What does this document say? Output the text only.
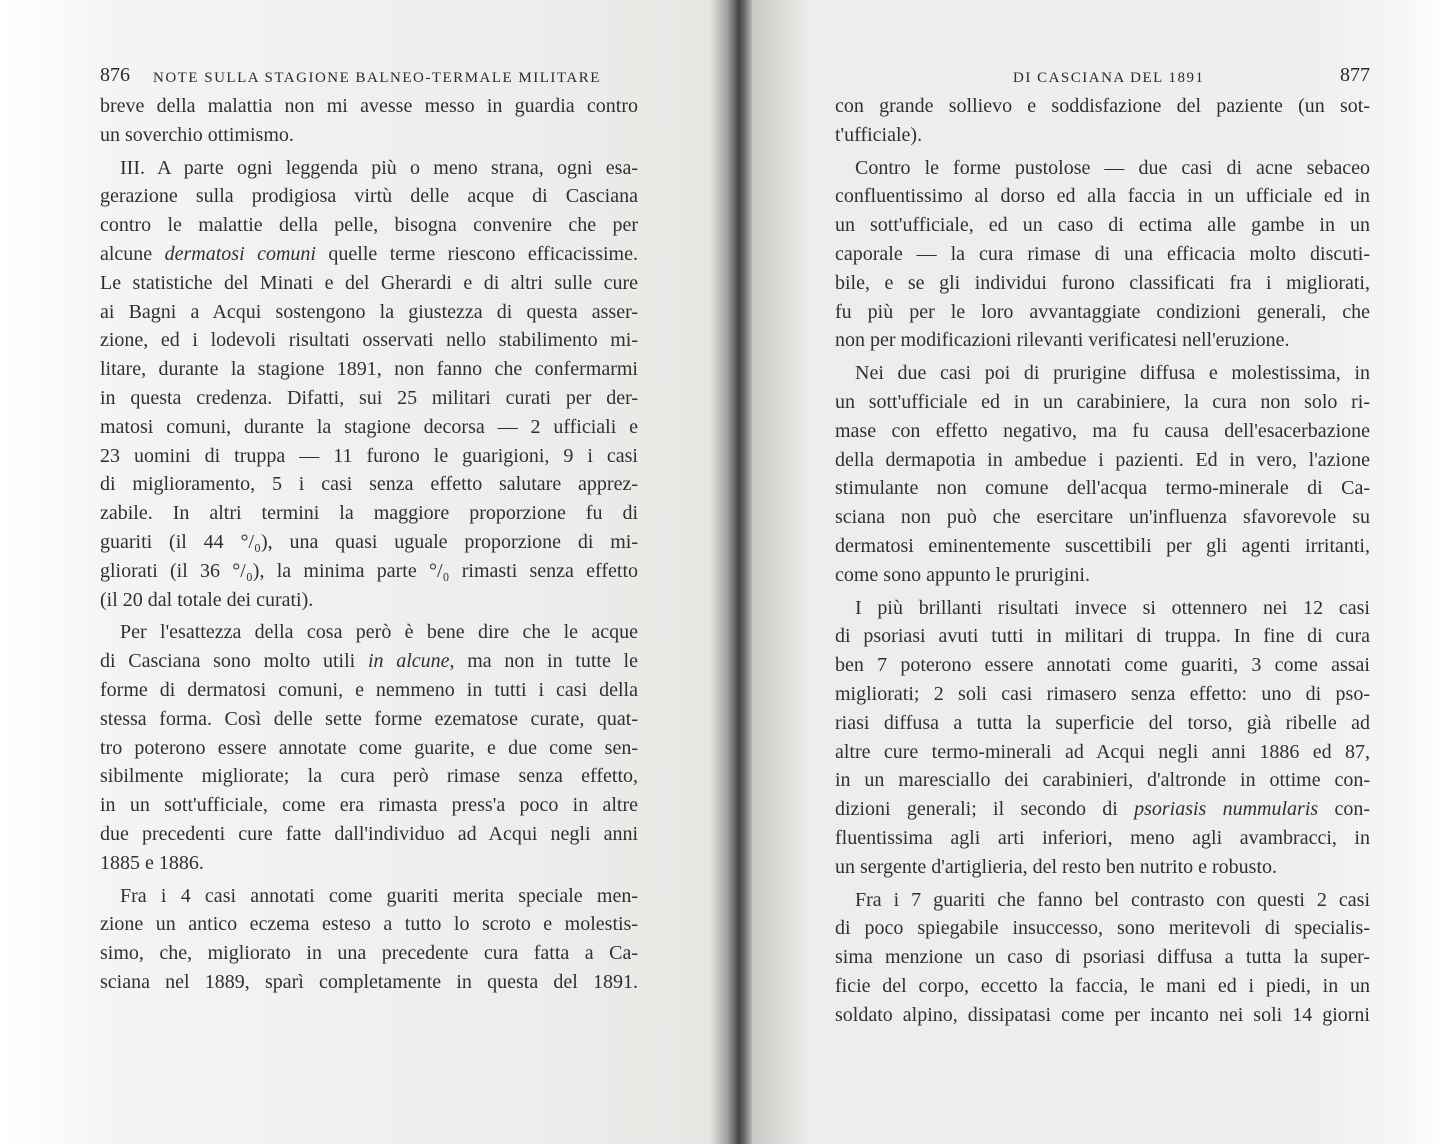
876 NOTE SULLA STAGIONE BALNEO-TERMALE MILITARE
breve della malattia non mi avesse messo in guardia contro
un soverchio ottimismo.
III. A parte ogni leggenda più o meno strana, ogni esa-
gerazione sulla prodigiosa virtù delle acque di Casciana
contro le malattie della pelle, bisogna convenire che per
alcune dermatosi comuni quelle terme riescono efficacissime.
Le statistiche del Minati e del Gherardi e di altri sulle cure
ai Bagni a Acqui sostengono la giustezza di questa asser-
zione, ed i lodevoli risultati osservati nello stabilimento mi-
litare, durante la stagione 1891, non fanno che confermarmi
in questa credenza. Difatti, sui 25 militari curati per der-
matosi comuni, durante la stagione decorsa — 2 ufficiali e
23 uomini di truppa — 11 furono le guarigioni, 9 i casi
di miglioramento, 5 i casi senza effetto salutare apprez-
zabile. In altri termini la maggiore proporzione fu di
guariti (il 44 °/₀), una quasi uguale proporzione di mi-
gliorati (il 36 °/₀), la minima parte °/₀ rimasti senza effetto
(il 20 dal totale dei curati).
Per l'esattezza della cosa però è bene dire che le acque
di Casciana sono molto utili in alcune, ma non in tutte le
forme di dermatosi comuni, e nemmeno in tutti i casi della
stessa forma. Così delle sette forme ezematose curate, quat-
tro poterono essere annotate come guarite, e due come sen-
sibilmente migliorate; la cura però rimase senza effetto,
in un sott'ufficiale, come era rimasta press'a poco in altre
due precedenti cure fatte dall'individuo ad Acqui negli anni
1885 e 1886.
Fra i 4 casi annotati come guariti merita speciale men-
zione un antico eczema esteso a tutto lo scroto e molestis-
simo, che, migliorato in una precedente cura fatta a Ca-
sciana nel 1889, sparì completamente in questa del 1891.
DI CASCIANA DEL 1891	877
con grande sollievo e soddisfazione del paziente (un sot-
t'ufficiale).
Contro le forme pustolose — due casi di acne sebaceo
confluentissimo al dorso ed alla faccia in un ufficiale ed in
un sott'ufficiale, ed un caso di ectima alle gambe in un
caporale — la cura rimase di una efficacia molto discuti-
bile, e se gli individui furono classificati fra i migliorati,
fu più per le loro avvantaggiate condizioni generali, che
non per modificazioni rilevanti verificatesi nell'eruzione.
Nei due casi poi di prurigine diffusa e molestissima, in
un sott'ufficiale ed in un carabiniere, la cura non solo ri-
mase con effetto negativo, ma fu causa dell'esacerbazione
della dermapotia in ambedue i pazienti. Ed in vero, l'azione
stimulante non comune dell'acqua termo-minerale di Ca-
sciana non può che esercitare un'influenza sfavorevole su
dermatosi eminentemente suscettibili per gli agenti irritanti,
come sono appunto le prurigini.
I più brillanti risultati invece si ottennero nei 12 casi
di psoriasi avuti tutti in militari di truppa. In fine di cura
ben 7 poterono essere annotati come guariti, 3 come assai
migliorati; 2 soli casi rimasero senza effetto: uno di pso-
riasi diffusa a tutta la superficie del torso, già ribelle ad
altre cure termo-minerali ad Acqui negli anni 1886 ed 87,
in un maresciallo dei carabinieri, d'altronde in ottime con-
dizioni generali; il secondo di psoriasis nummularis con-
fluentissima agli arti inferiori, meno agli avambracci, in
un sergente d'artiglieria, del resto ben nutrito e robusto.
Fra i 7 guariti che fanno bel contrasto con questi 2 casi
di poco spiegabile insuccesso, sono meritevoli di specialis-
sima menzione un caso di psoriasi diffusa a tutta la super-
ficie del corpo, eccetto la faccia, le mani ed i piedi, in un
soldato alpino, dissipatasi come per incanto nei soli 14 giorni
